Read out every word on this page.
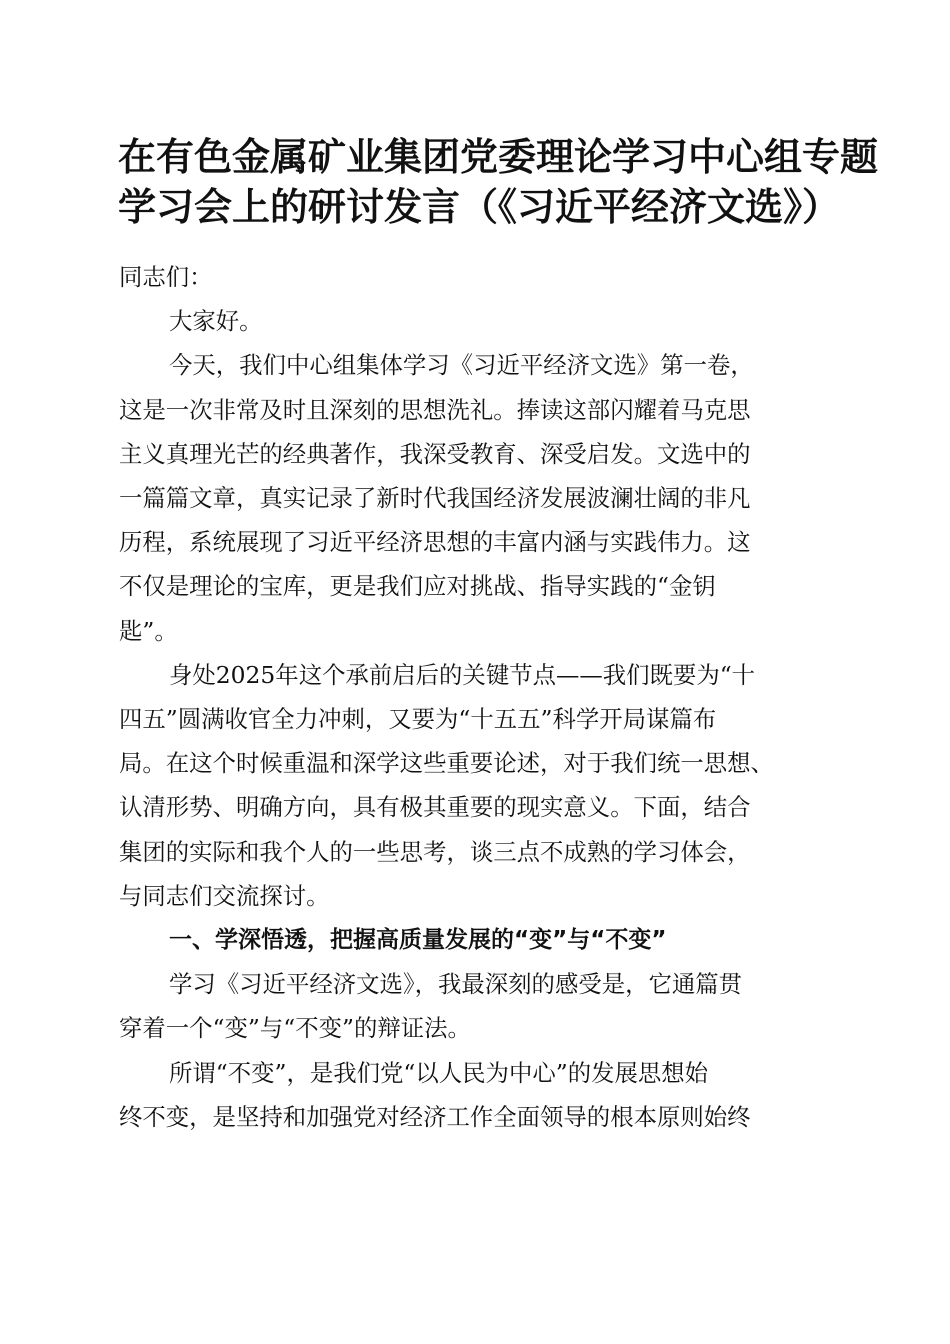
在有色金属矿业集团党委理论学习中心组专题
学习会上的研讨发言（《习近平经济文选》）

同志们：

大家好。

今天，我们中心组集体学习《习近平经济文选》第一卷，

这是一次非常及时且深刻的思想洗礼。捧读这部闪耀着马克思

主义真理光芒的经典著作，我深受教育、深受启发。文选中的

一篇篇文章，真实记录了新时代我国经济发展波澜壮阔的非凡

历程，系统展现了习近平经济思想的丰富内涵与实践伟力。这

不仅是理论的宝库，更是我们应对挑战、指导实践的“金钥

匙”。

身处2025年这个承前启后的关键节点——我们既要为“十

四五”圆满收官全力冲刺，又要为“十五五”科学开局谋篇布

局。在这个时候重温和深学这些重要论述，对于我们统一思想、

认清形势、明确方向，具有极其重要的现实意义。下面，结合

集团的实际和我个人的一些思考，谈三点不成熟的学习体会，

与同志们交流探讨。

一、学深悟透，把握高质量发展的“变”与“不变”

学习《习近平经济文选》，我最深刻的感受是，它通篇贯

穿着一个“变”与“不变”的辩证法。

所谓“不变”，是我们党“以人民为中心”的发展思想始

终不变，是坚持和加强党对经济工作全面领导的根本原则始终
